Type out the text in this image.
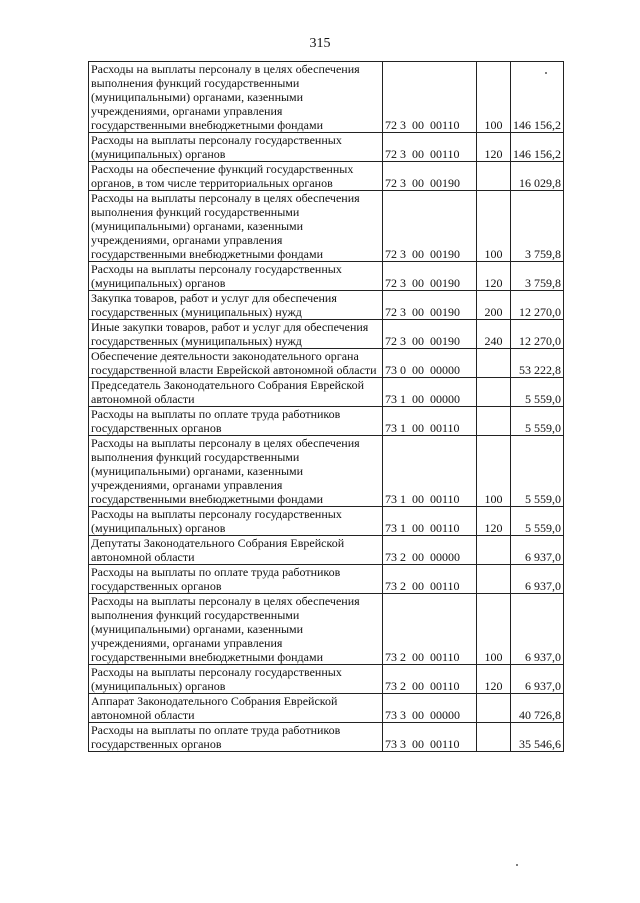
315
Расходы на выплаты персоналу в целях обеспечения выполнения функций государственными (муниципальными) органами, казенными учреждениями, органами управления государственными внебюджетными фондами	72 3  00  00110	100	146 156,2
Расходы на выплаты персоналу государственных (муниципальных) органов	72 3  00  00110	120	146 156,2
Расходы на обеспечение функций государственных органов, в том числе территориальных органов	72 3  00  00190		16 029,8
Расходы на выплаты персоналу в целях обеспечения выполнения функций государственными (муниципальными) органами, казенными учреждениями, органами управления государственными внебюджетными фондами	72 3  00  00190	100	3 759,8
Расходы на выплаты персоналу государственных (муниципальных) органов	72 3  00  00190	120	3 759,8
Закупка товаров, работ и услуг для обеспечения государственных (муниципальных) нужд	72 3  00  00190	200	12 270,0
Иные закупки товаров, работ и услуг для обеспечения государственных (муниципальных) нужд	72 3  00  00190	240	12 270,0
Обеспечение деятельности законодательного органа государственной власти Еврейской автономной области	73 0  00  00000		53 222,8
Председатель Законодательного Собрания Еврейской автономной области	73 1  00  00000		5 559,0
Расходы на выплаты по оплате труда работников государственных органов	73 1  00  00110		5 559,0
Расходы на выплаты персоналу в целях обеспечения выполнения функций государственными (муниципальными) органами, казенными учреждениями, органами управления государственными внебюджетными фондами	73 1  00  00110	100	5 559,0
Расходы на выплаты персоналу государственных (муниципальных) органов	73 1  00  00110	120	5 559,0
Депутаты Законодательного Собрания Еврейской автономной области	73 2  00  00000		6 937,0
Расходы на выплаты по оплате труда работников государственных органов	73 2  00  00110		6 937,0
Расходы на выплаты персоналу в целях обеспечения выполнения функций государственными (муниципальными) органами, казенными учреждениями, органами управления государственными внебюджетными фондами	73 2  00  00110	100	6 937,0
Расходы на выплаты персоналу государственных (муниципальных) органов	73 2  00  00110	120	6 937,0
Аппарат Законодательного Собрания Еврейской автономной области	73 3  00  00000		40 726,8
Расходы на выплаты по оплате труда работников государственных органов	73 3  00  00110		35 546,6
